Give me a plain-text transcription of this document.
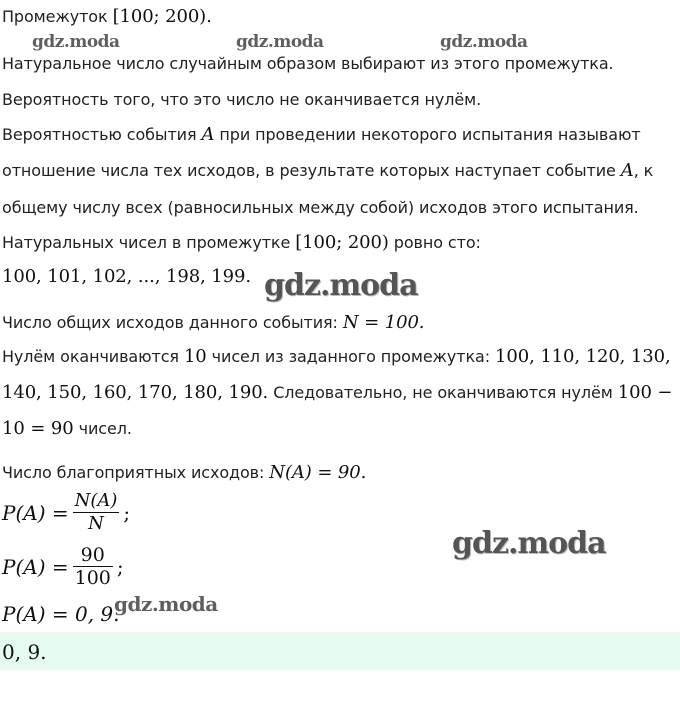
Промежуток [100; 200).
gdz.moda	gdz.moda	gdz.moda
Натуральное число случайным образом выбирают из этого промежутка.
Вероятность того, что это число не оканчивается нулём.
Вероятностью события A при проведении некоторого испытания называют
отношение числа тех исходов, в результате которых наступает событие A, к
общему числу всех (равносильных между собой) исходов этого испытания.
Натуральных чисел в промежутке [100; 200) ровно сто:
100, 101, 102, ..., 198, 199. gdz.moda
Число общих исходов данного события: N = 100.
Нулём оканчиваются 10 чисел из заданного промежутка: 100, 110, 120, 130,
140, 150, 160, 170, 180, 190. Следовательно, не оканчиваются нулём 100 −
10 = 90 чисел.
Число благоприятных исходов: N(A) = 90.
$P(A) = \frac{N(A)}{N}$ ;
gdz.moda
$P(A) = \frac{90}{100}$ ;
P(A) = 0, 9.
gdz.moda
0, 9.
